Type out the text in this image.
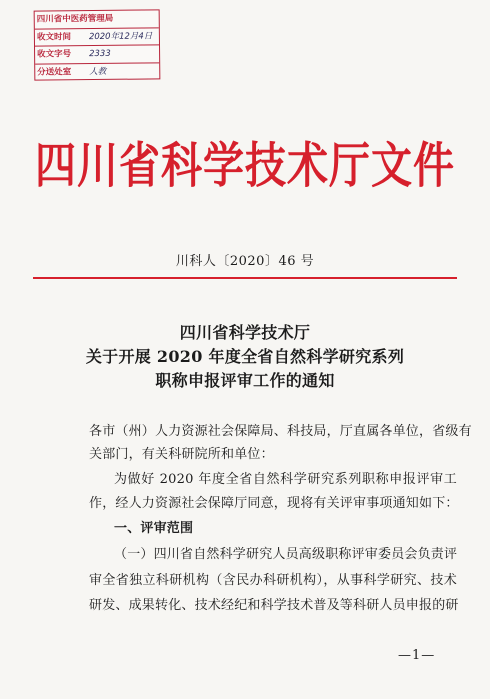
四川省中医药管理局
收文时间	2020年12月4日
收文字号	2333
分送处室	人教
四川省科学技术厅文件
川科人〔2020〕46 号
四川省科学技术厅
关于开展 2020 年度全省自然科学研究系列
职称申报评审工作的通知
各市（州）人力资源社会保障局、科技局，厅直属各单位，省级有
关部门，有关科研院所和单位：
为做好 2020 年度全省自然科学研究系列职称申报评审工
作，经人力资源社会保障厅同意，现将有关评审事项通知如下：
一、评审范围
（一）四川省自然科学研究人员高级职称评审委员会负责评
审全省独立科研机构（含民办科研机构），从事科学研究、技术
研发、成果转化、技术经纪和科学技术普及等科研人员申报的研
—1—
